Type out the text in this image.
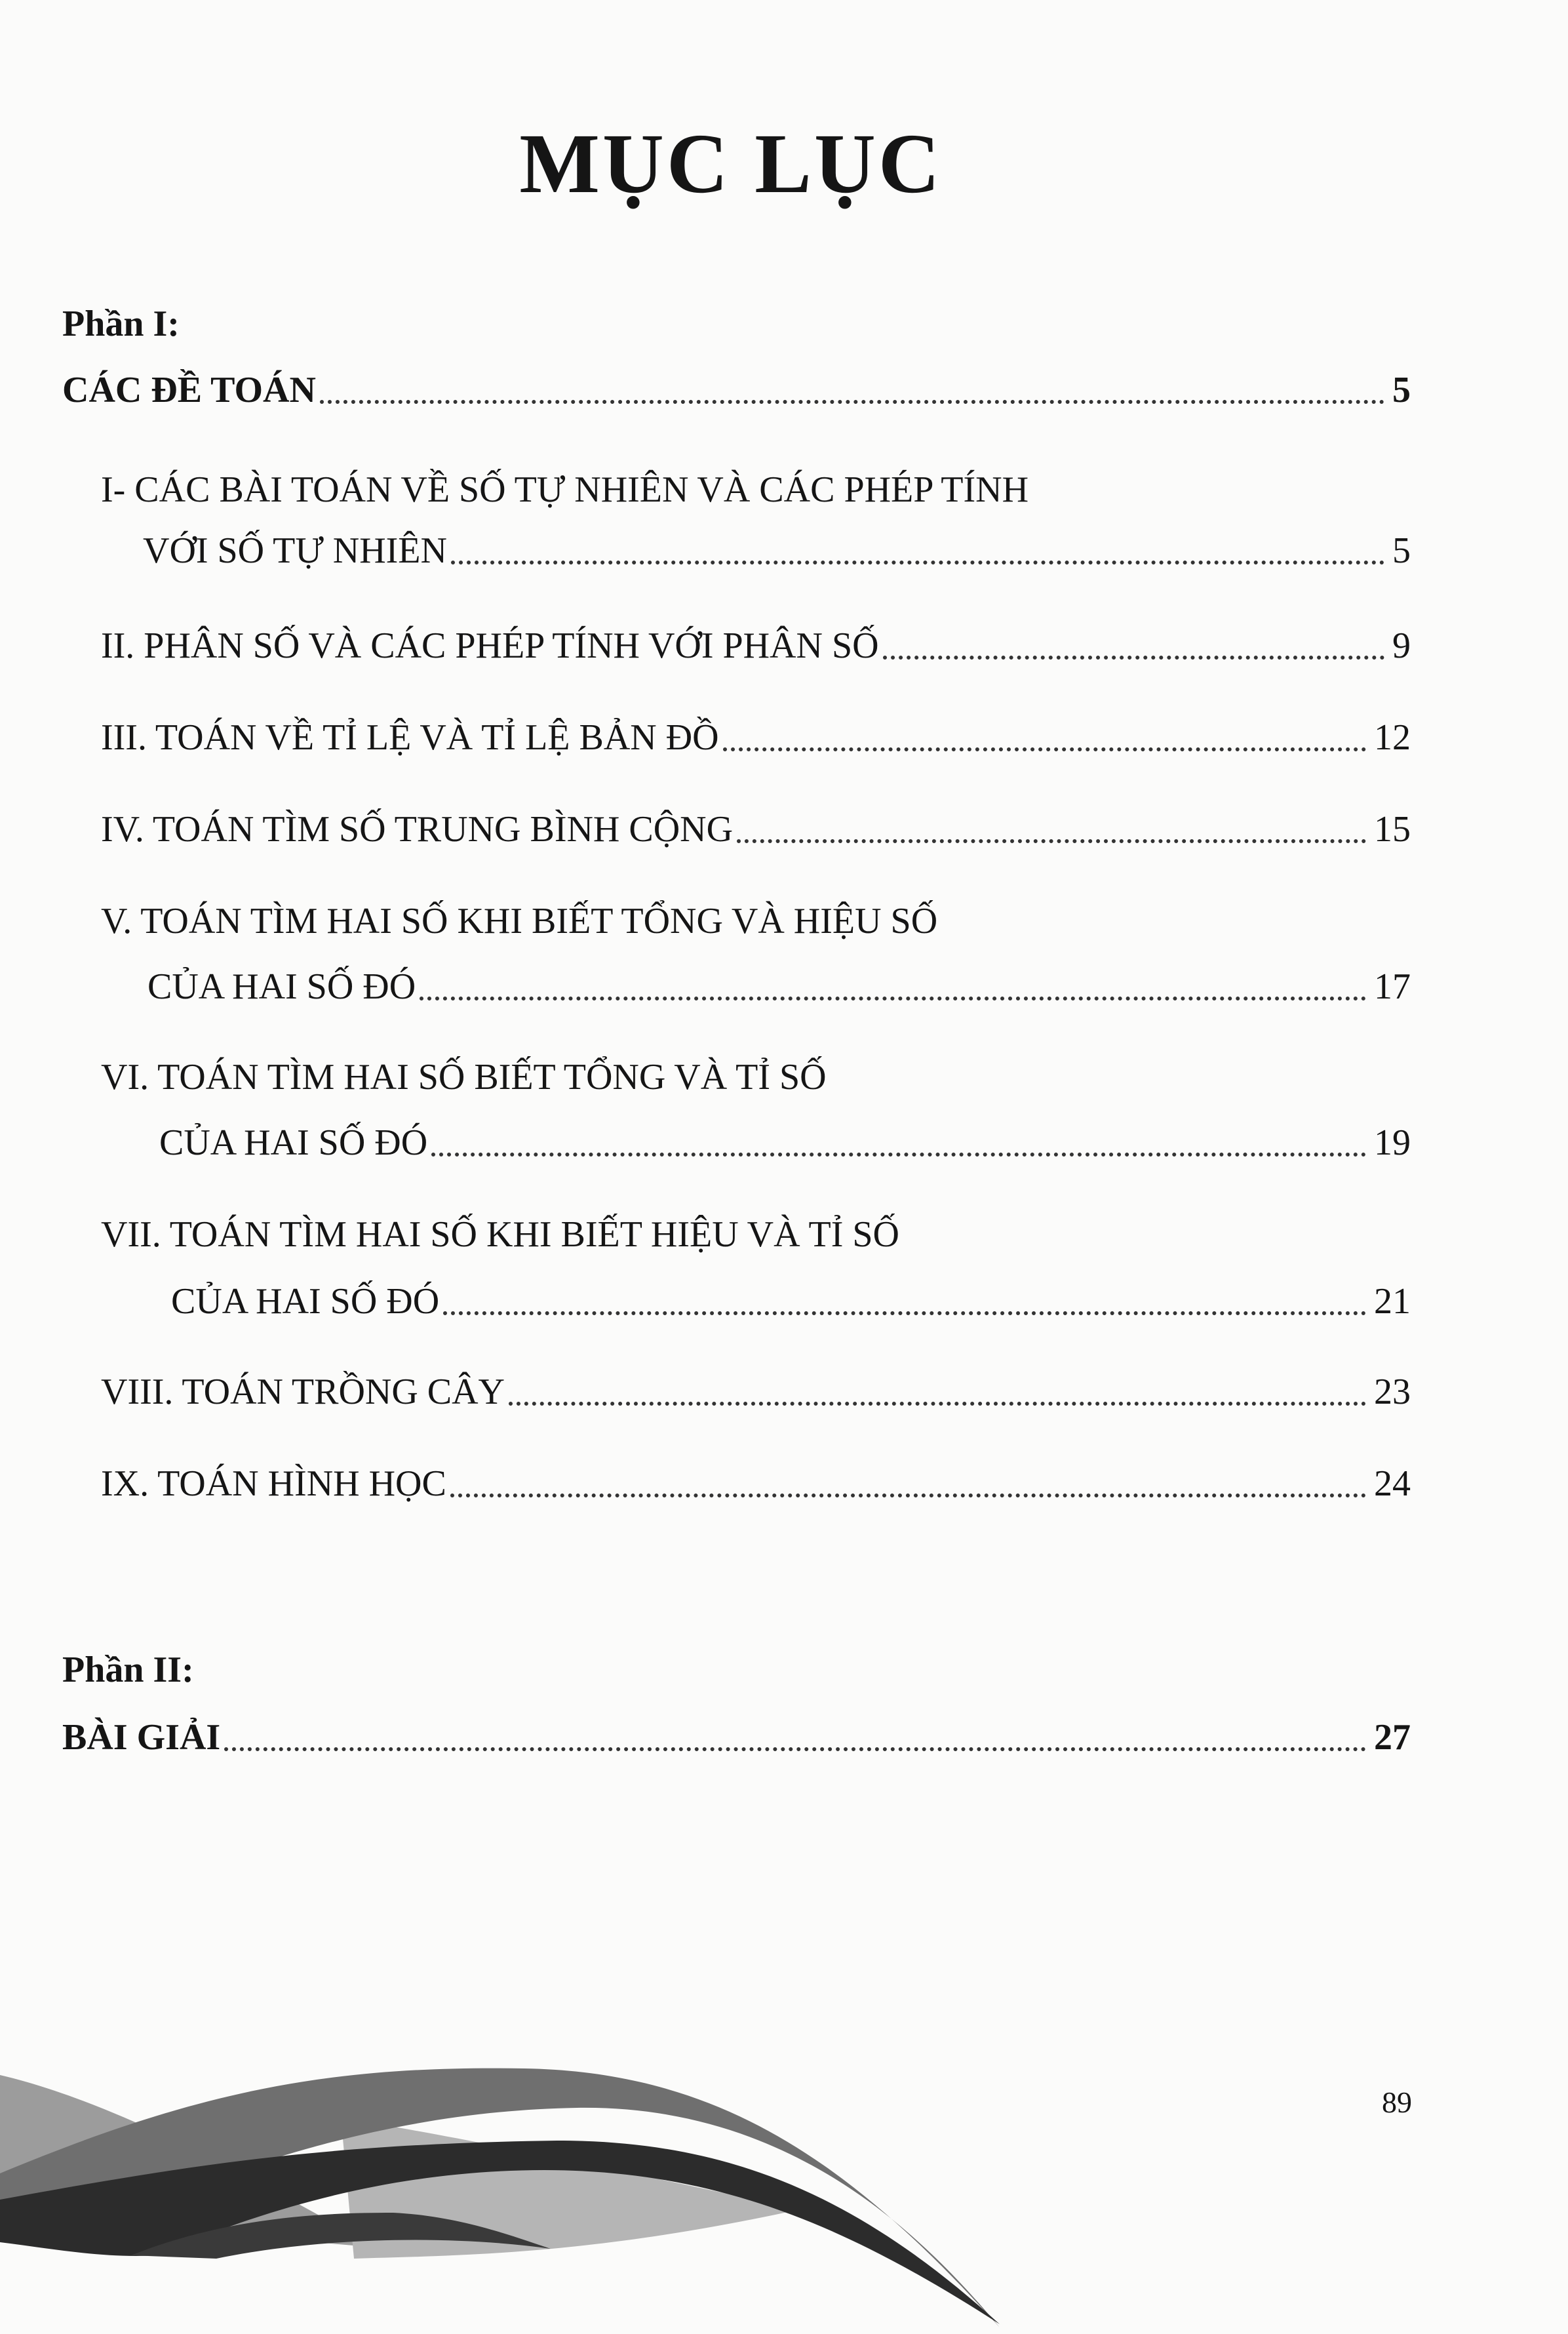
MỤC LỤC
Phần I:
CÁC ĐỀ TOÁN	5
I- CÁC BÀI TOÁN VỀ SỐ TỰ NHIÊN VÀ CÁC PHÉP TÍNH
VỚI SỐ TỰ NHIÊN	5
II. PHÂN SỐ VÀ CÁC PHÉP TÍNH VỚI PHÂN SỐ	9
III. TOÁN VỀ TỈ LỆ VÀ TỈ LỆ BẢN ĐỒ	12
IV. TOÁN TÌM SỐ TRUNG BÌNH CỘNG	15
V. TOÁN TÌM HAI SỐ KHI BIẾT TỔNG VÀ HIỆU SỐ
CỦA HAI SỐ ĐÓ	17
VI. TOÁN TÌM HAI SỐ BIẾT TỔNG VÀ TỈ SỐ
CỦA HAI SỐ ĐÓ	19
VII. TOÁN TÌM HAI SỐ KHI BIẾT HIỆU VÀ TỈ SỐ
CỦA HAI SỐ ĐÓ	21
VIII. TOÁN TRỒNG CÂY	23
IX. TOÁN HÌNH HỌC	24
Phần II:
BÀI GIẢI	27
89
